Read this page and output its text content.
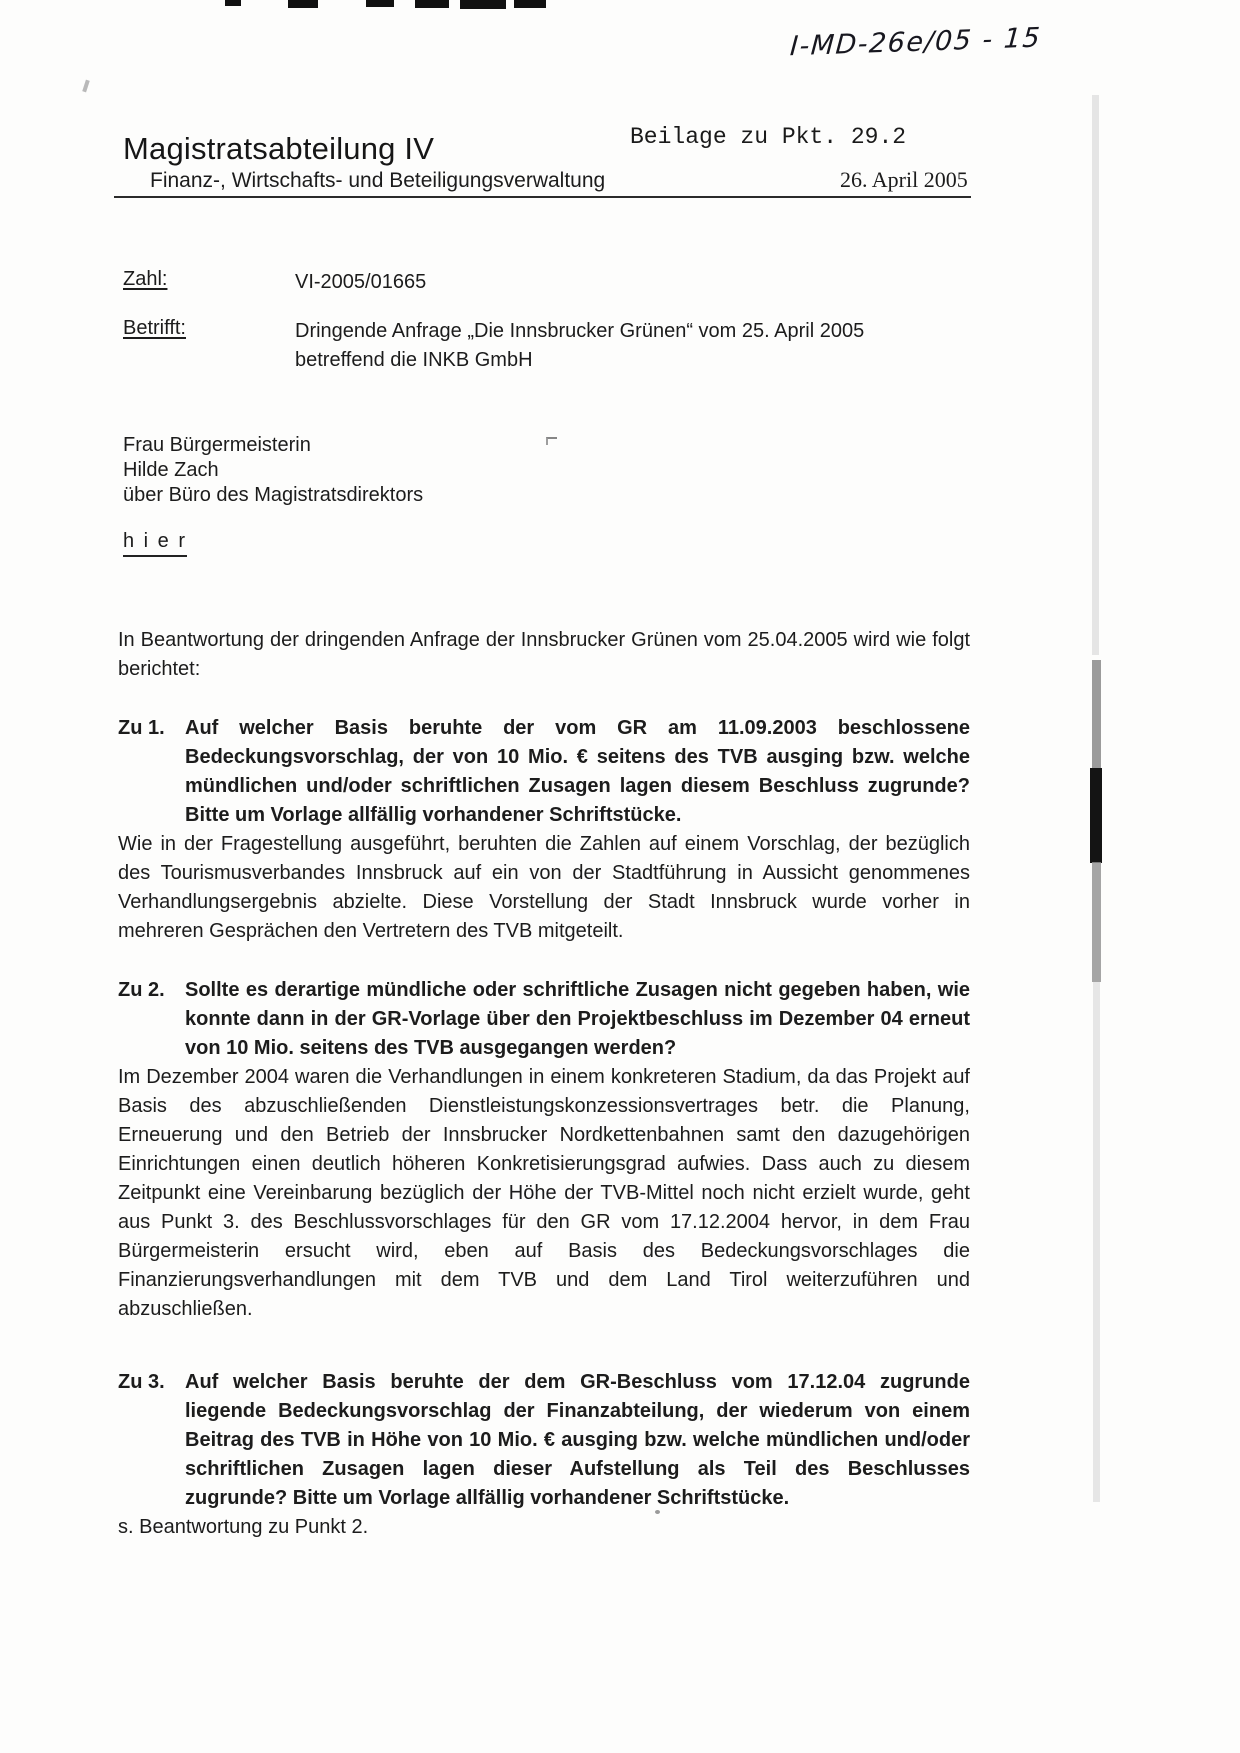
I-MD-26e/05 - 15
Magistratsabteilung IV	Beilage zu Pkt. 29.2
Finanz-, Wirtschafts- und Beteiligungsverwaltung	26. April 2005
Zahl:	VI-2005/01665
Betrifft:	Dringende Anfrage „Die Innsbrucker Grünen“ vom 25. April 2005 betreffend die INKB GmbH
Frau Bürgermeisterin
Hilde Zach
über Büro des Magistratsdirektors
h i e r

In Beantwortung der dringenden Anfrage der Innsbrucker Grünen vom 25.04.2005 wird wie folgt berichtet:

Zu 1. Auf welcher Basis beruhte der vom GR am 11.09.2003 beschlossene Bedeckungsvorschlag, der von 10 Mio. € seitens des TVB ausging bzw. welche mündlichen und/oder schriftlichen Zusagen lagen diesem Beschluss zugrunde? Bitte um Vorlage allfällig vorhandener Schriftstücke.
Wie in der Fragestellung ausgeführt, beruhten die Zahlen auf einem Vorschlag, der bezüglich des Tourismusverbandes Innsbruck auf ein von der Stadtführung in Aussicht genommenes Verhandlungsergebnis abzielte. Diese Vorstellung der Stadt Innsbruck wurde vorher in mehreren Gesprächen den Vertretern des TVB mitgeteilt.
Zu 2. Sollte es derartige mündliche oder schriftliche Zusagen nicht gegeben haben, wie konnte dann in der GR-Vorlage über den Projektbeschluss im Dezember 04 erneut von 10 Mio. seitens des TVB ausgegangen werden?
Im Dezember 2004 waren die Verhandlungen in einem konkreteren Stadium, da das Projekt auf Basis des abzuschließenden Dienstleistungskonzessionsvertrages betr. die Planung, Erneuerung und den Betrieb der Innsbrucker Nordkettenbahnen samt den dazugehörigen Einrichtungen einen deutlich höheren Konkretisierungsgrad aufwies. Dass auch zu diesem Zeitpunkt eine Vereinbarung bezüglich der Höhe der TVB-Mittel noch nicht erzielt wurde, geht aus Punkt 3. des Beschlussvorschlages für den GR vom 17.12.2004 hervor, in dem Frau Bürgermeisterin ersucht wird, eben auf Basis des Bedeckungsvorschlages die Finanzierungsverhandlungen mit dem TVB und dem Land Tirol weiterzuführen und abzuschließen.
Zu 3. Auf welcher Basis beruhte der dem GR-Beschluss vom 17.12.04 zugrunde liegende Bedeckungsvorschlag der Finanzabteilung, der wiederum von einem Beitrag des TVB in Höhe von 10 Mio. € ausging bzw. welche mündlichen und/oder schriftlichen Zusagen lagen dieser Aufstellung als Teil des Beschlusses zugrunde? Bitte um Vorlage allfällig vorhandener Schriftstücke.
s. Beantwortung zu Punkt 2.
